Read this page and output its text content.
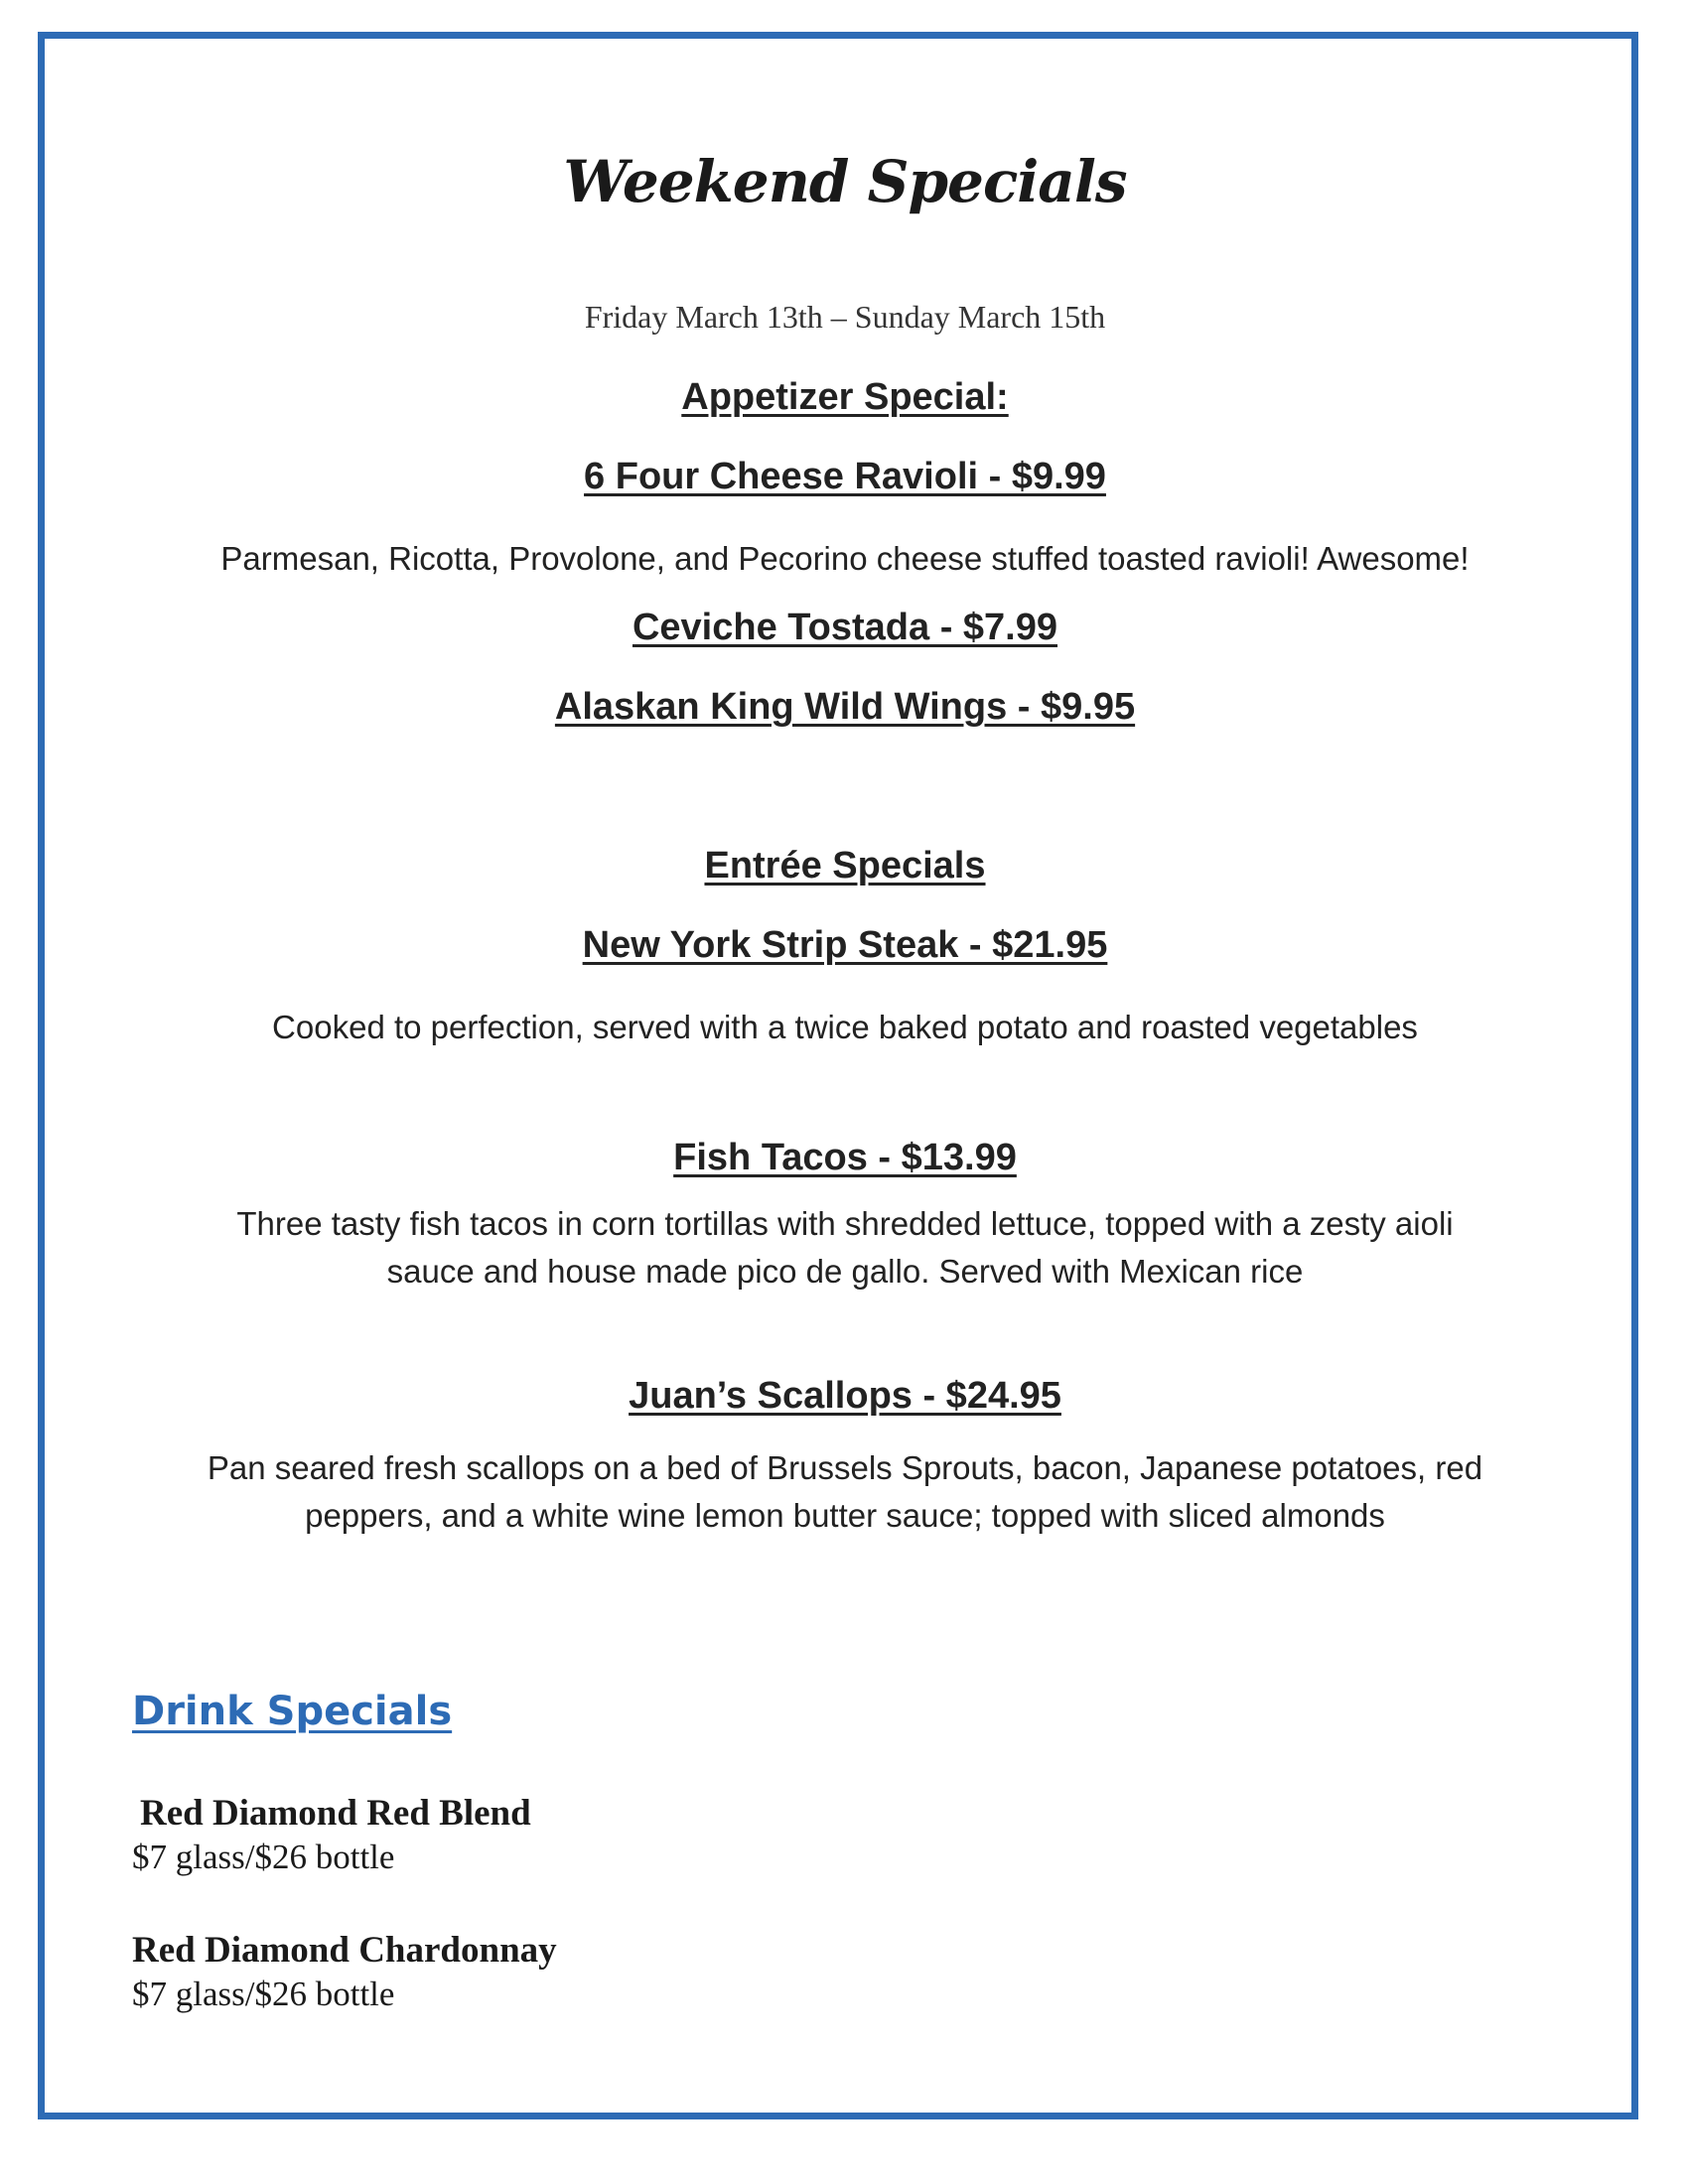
Weekend Specials

Friday March 13th – Sunday March 15th

Appetizer Special:

6 Four Cheese Ravioli - $9.99

Parmesan, Ricotta, Provolone, and Pecorino cheese stuffed toasted ravioli! Awesome!

Ceviche Tostada - $7.99

Alaskan King Wild Wings - $9.95

Entrée Specials

New York Strip Steak - $21.95

Cooked to perfection, served with a twice baked potato and roasted vegetables

Fish Tacos - $13.99

Three tasty fish tacos in corn tortillas with shredded lettuce, topped with a zesty aioli

sauce and house made pico de gallo. Served with Mexican rice

Juan’s Scallops - $24.95

Pan seared fresh scallops on a bed of Brussels Sprouts, bacon, Japanese potatoes, red

peppers, and a white wine lemon butter sauce; topped with sliced almonds

Drink Specials

Red Diamond Red Blend

$7 glass/$26 bottle

Red Diamond Chardonnay

$7 glass/$26 bottle
